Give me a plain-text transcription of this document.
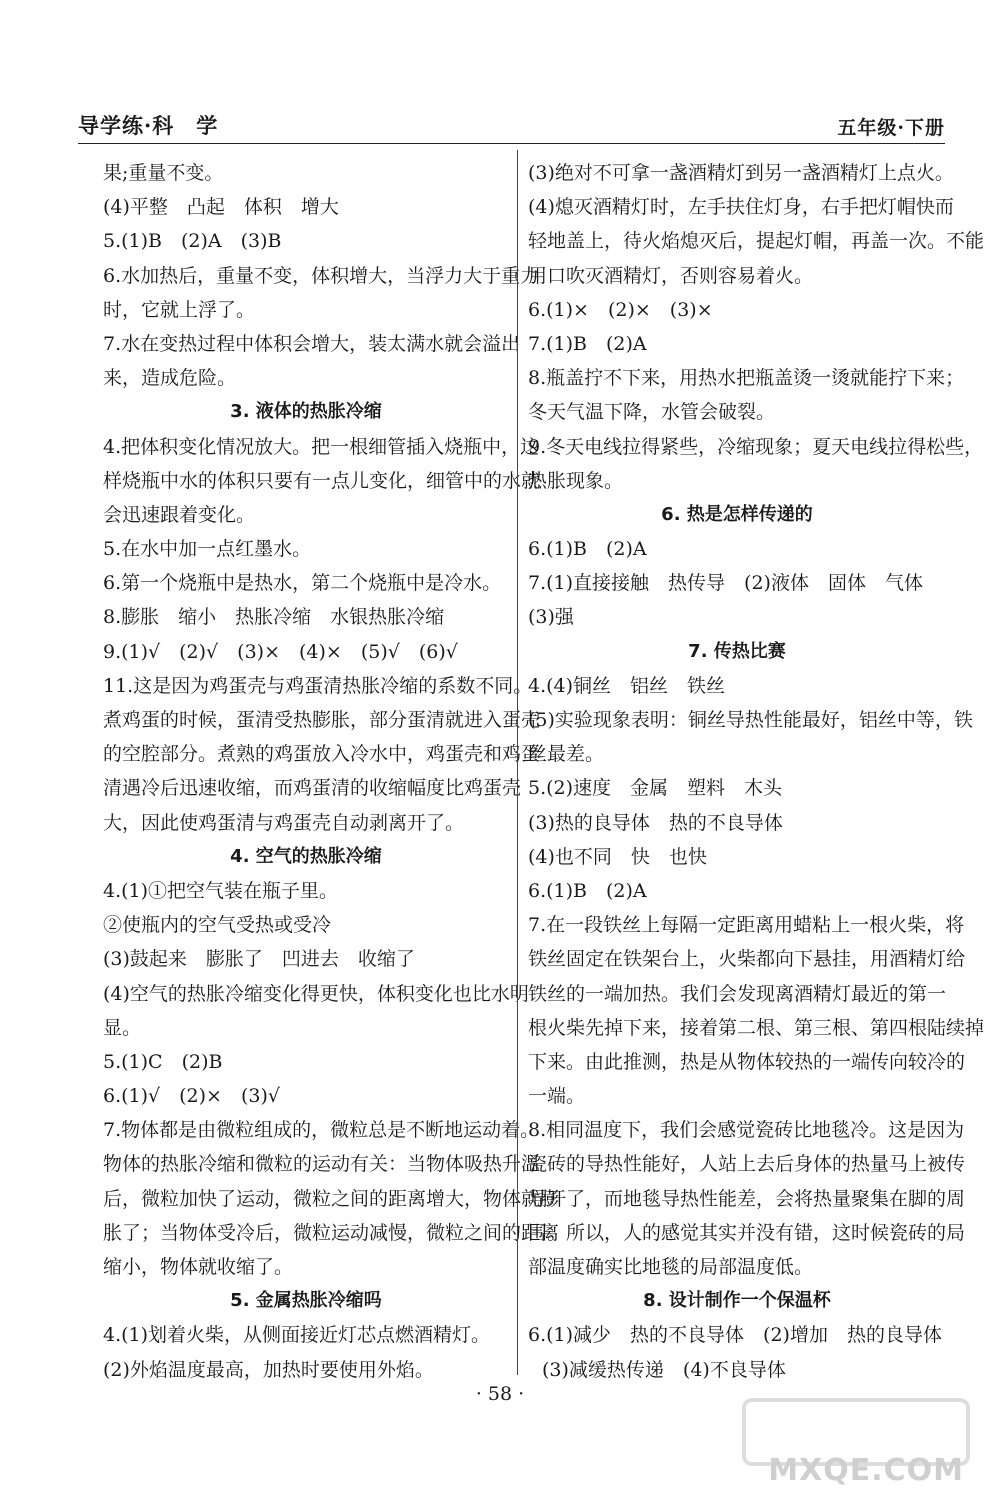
导学练·科　学	五年级·下册
果;重量不变。
(4)平整　凸起　体积　增大
5.(1)B　(2)A　(3)B
6.水加热后，重量不变，体积增大，当浮力大于重力
时，它就上浮了。
7.水在变热过程中体积会增大，装太满水就会溢出
来，造成危险。
3. 液体的热胀冷缩
4.把体积变化情况放大。把一根细管插入烧瓶中，这
样烧瓶中水的体积只要有一点儿变化，细管中的水就
会迅速跟着变化。
5.在水中加一点红墨水。
6.第一个烧瓶中是热水，第二个烧瓶中是冷水。
8.膨胀　缩小　热胀冷缩　水银热胀冷缩
9.(1)√　(2)√　(3)×　(4)×　(5)√　(6)√
11.这是因为鸡蛋壳与鸡蛋清热胀冷缩的系数不同。
煮鸡蛋的时候，蛋清受热膨胀，部分蛋清就进入蛋壳
的空腔部分。煮熟的鸡蛋放入冷水中，鸡蛋壳和鸡蛋
清遇冷后迅速收缩，而鸡蛋清的收缩幅度比鸡蛋壳
大，因此使鸡蛋清与鸡蛋壳自动剥离开了。
4. 空气的热胀冷缩
4.(1)①把空气装在瓶子里。
②使瓶内的空气受热或受冷
(3)鼓起来　膨胀了　凹进去　收缩了
(4)空气的热胀冷缩变化得更快，体积变化也比水明
显。
5.(1)C　(2)B
6.(1)√　(2)×　(3)√
7.物体都是由微粒组成的，微粒总是不断地运动着。
物体的热胀冷缩和微粒的运动有关：当物体吸热升温
后，微粒加快了运动，微粒之间的距离增大，物体就膨
胀了；当物体受冷后，微粒运动减慢，微粒之间的距离
缩小，物体就收缩了。
5. 金属热胀冷缩吗
4.(1)划着火柴，从侧面接近灯芯点燃酒精灯。
(2)外焰温度最高，加热时要使用外焰。
(3)绝对不可拿一盏酒精灯到另一盏酒精灯上点火。
(4)熄灭酒精灯时，左手扶住灯身，右手把灯帽快而
轻地盖上，待火焰熄灭后，提起灯帽，再盖一次。不能
用口吹灭酒精灯，否则容易着火。
6.(1)×　(2)×　(3)×
7.(1)B　(2)A
8.瓶盖拧不下来，用热水把瓶盖烫一烫就能拧下来；
冬天气温下降，水管会破裂。
9.冬天电线拉得紧些，冷缩现象；夏天电线拉得松些，
热胀现象。
6. 热是怎样传递的
6.(1)B　(2)A
7.(1)直接接触　热传导　(2)液体　固体　气体
(3)强
7. 传热比赛
4.(4)铜丝　铝丝　铁丝
(5)实验现象表明：铜丝导热性能最好，铝丝中等，铁
丝最差。
5.(2)速度　金属　塑料　木头
(3)热的良导体　热的不良导体
(4)也不同　快　也快
6.(1)B　(2)A
7.在一段铁丝上每隔一定距离用蜡粘上一根火柴，将
铁丝固定在铁架台上，火柴都向下悬挂，用酒精灯给
铁丝的一端加热。我们会发现离酒精灯最近的第一
根火柴先掉下来，接着第二根、第三根、第四根陆续掉
下来。由此推测，热是从物体较热的一端传向较冷的
一端。
8.相同温度下，我们会感觉瓷砖比地毯冷。这是因为
瓷砖的导热性能好，人站上去后身体的热量马上被传
导开了，而地毯导热性能差，会将热量聚集在脚的周
围。所以，人的感觉其实并没有错，这时候瓷砖的局
部温度确实比地毯的局部温度低。
8. 设计制作一个保温杯
6.(1)减少　热的不良导体　(2)增加　热的良导体
(3)减缓热传递　(4)不良导体
· 58 ·
MXQE.COM
